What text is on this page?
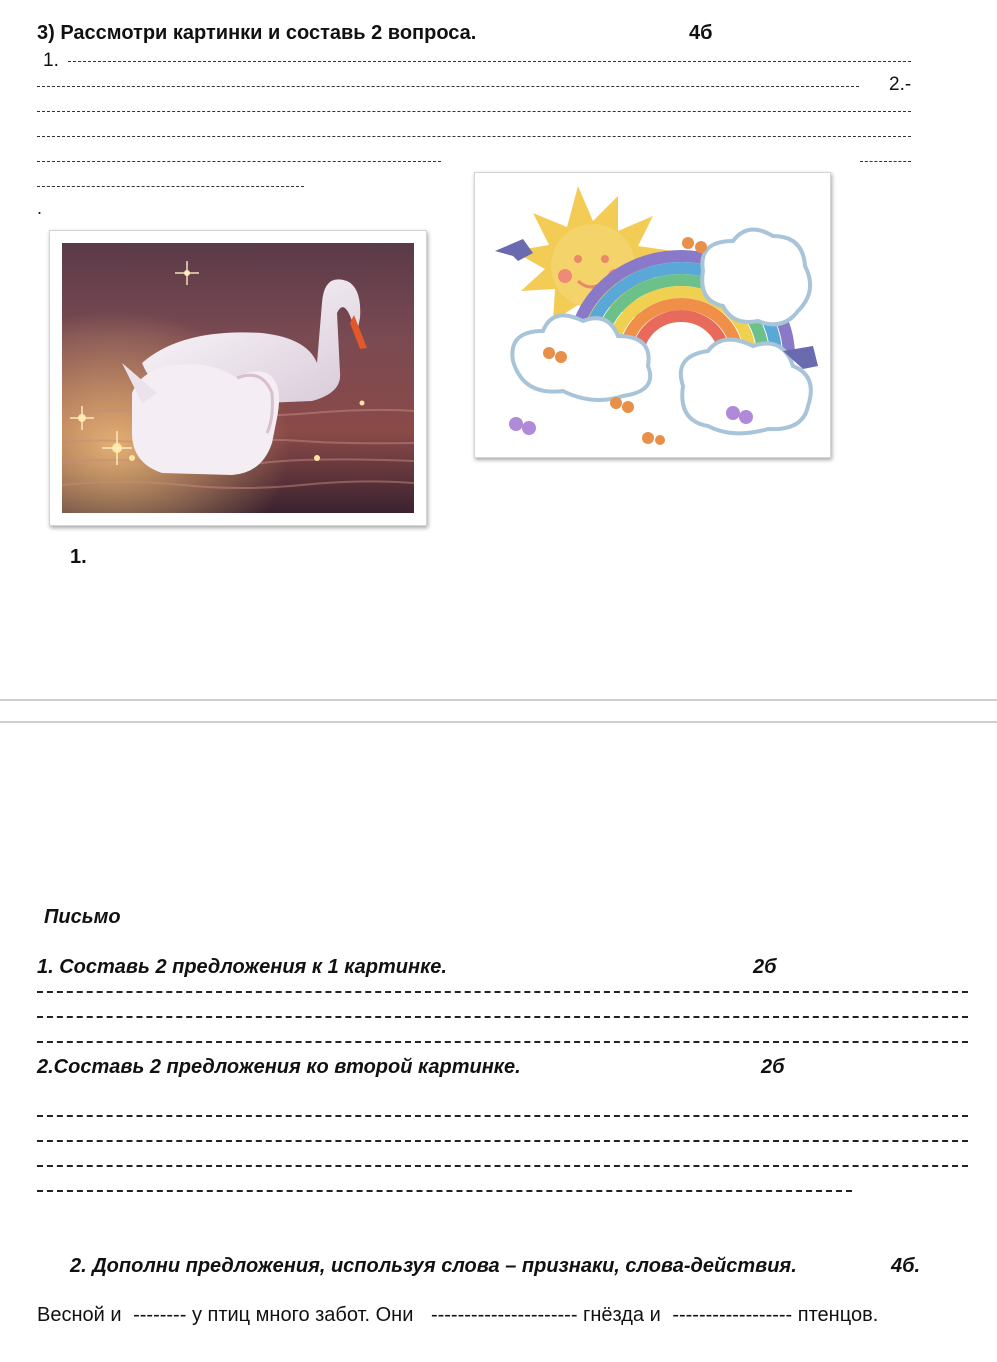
3) Рассмотри картинки и составь 2 вопроса.	4б
1.
2.-
.
1.
Письмо
1. Составь 2 предложения к 1 картинке.	2б
2.Составь 2 предложения ко второй картинке.	2б
2. Дополни предложения, используя слова – признаки, слова-действия.	4б.
Весной и -------- у птиц много забот. Они ---------------------- гнёзда и ------------------ птенцов.
